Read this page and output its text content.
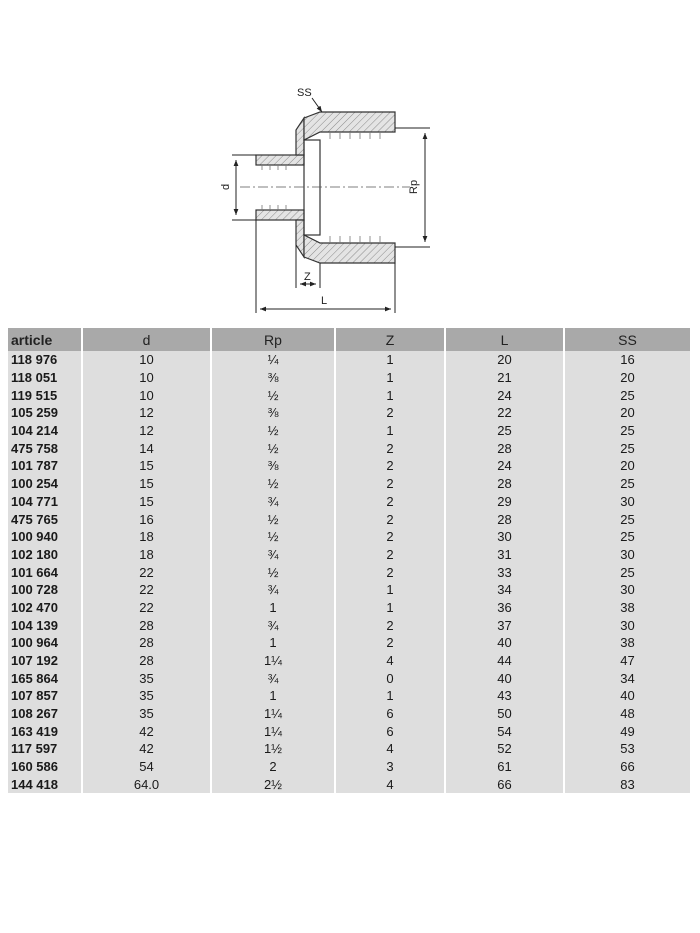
SS
d	Rp
Z
L
article	d	Rp	Z	L	SS
118 976	10	¼	1	20	16
118 051	10	⅜	1	21	20
119 515	10	½	1	24	25
105 259	12	⅜	2	22	20
104 214	12	½	1	25	25
475 758	14	½	2	28	25
101 787	15	⅜	2	24	20
100 254	15	½	2	28	25
104 771	15	¾	2	29	30
475 765	16	½	2	28	25
100 940	18	½	2	30	25
102 180	18	¾	2	31	30
101 664	22	½	2	33	25
100 728	22	¾	1	34	30
102 470	22	1	1	36	38
104 139	28	¾	2	37	30
100 964	28	1	2	40	38
107 192	28	1¼	4	44	47
165 864	35	¾	0	40	34
107 857	35	1	1	43	40
108 267	35	1¼	6	50	48
163 419	42	1¼	6	54	49
117 597	42	1½	4	52	53
160 586	54	2	3	61	66
144 418	64.0	2½	4	66	83
